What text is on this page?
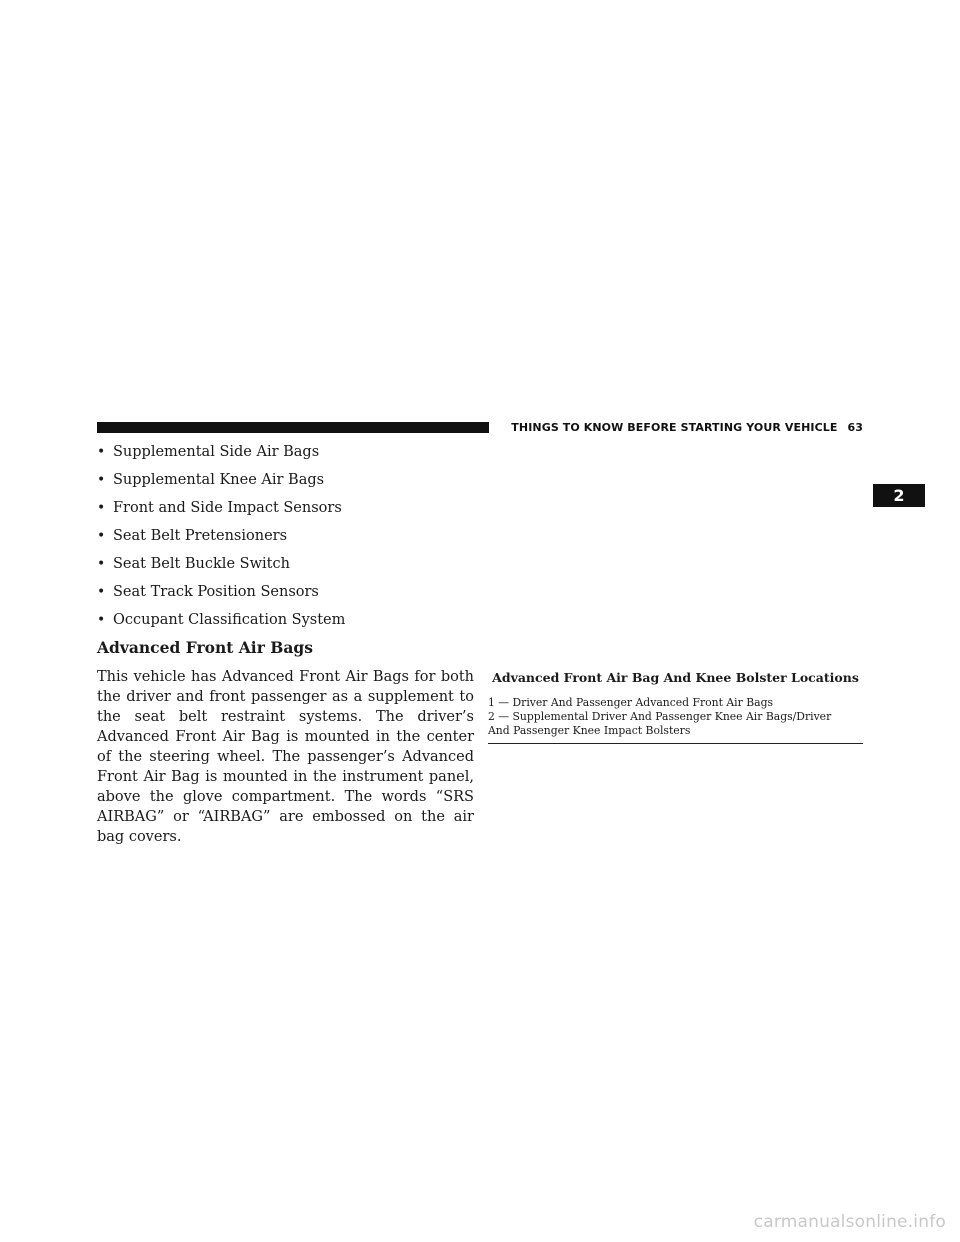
THINGS TO KNOW BEFORE STARTING YOUR VEHICLE 63
2
• Supplemental Side Air Bags
• Supplemental Knee Air Bags
• Front and Side Impact Sensors
• Seat Belt Pretensioners
• Seat Belt Buckle Switch
• Seat Track Position Sensors
• Occupant Classification System
Advanced Front Air Bags

This vehicle has Advanced Front Air Bags for both the driver and front passenger as a supplement to the seat belt restraint systems. The driver’s Advanced Front Air Bag is mounted in the center of the steering wheel. The passenger’s Advanced Front Air Bag is mounted in the instrument panel, above the glove compartment. The words “SRS AIRBAG” or “AIRBAG” are embossed on the air bag covers.

Advanced Front Air Bag And Knee Bolster Locations

1 — Driver And Passenger Advanced Front Air Bags
2 — Supplemental Driver And Passenger Knee Air Bags/Driver
And Passenger Knee Impact Bolsters
carmanualsonline.info
